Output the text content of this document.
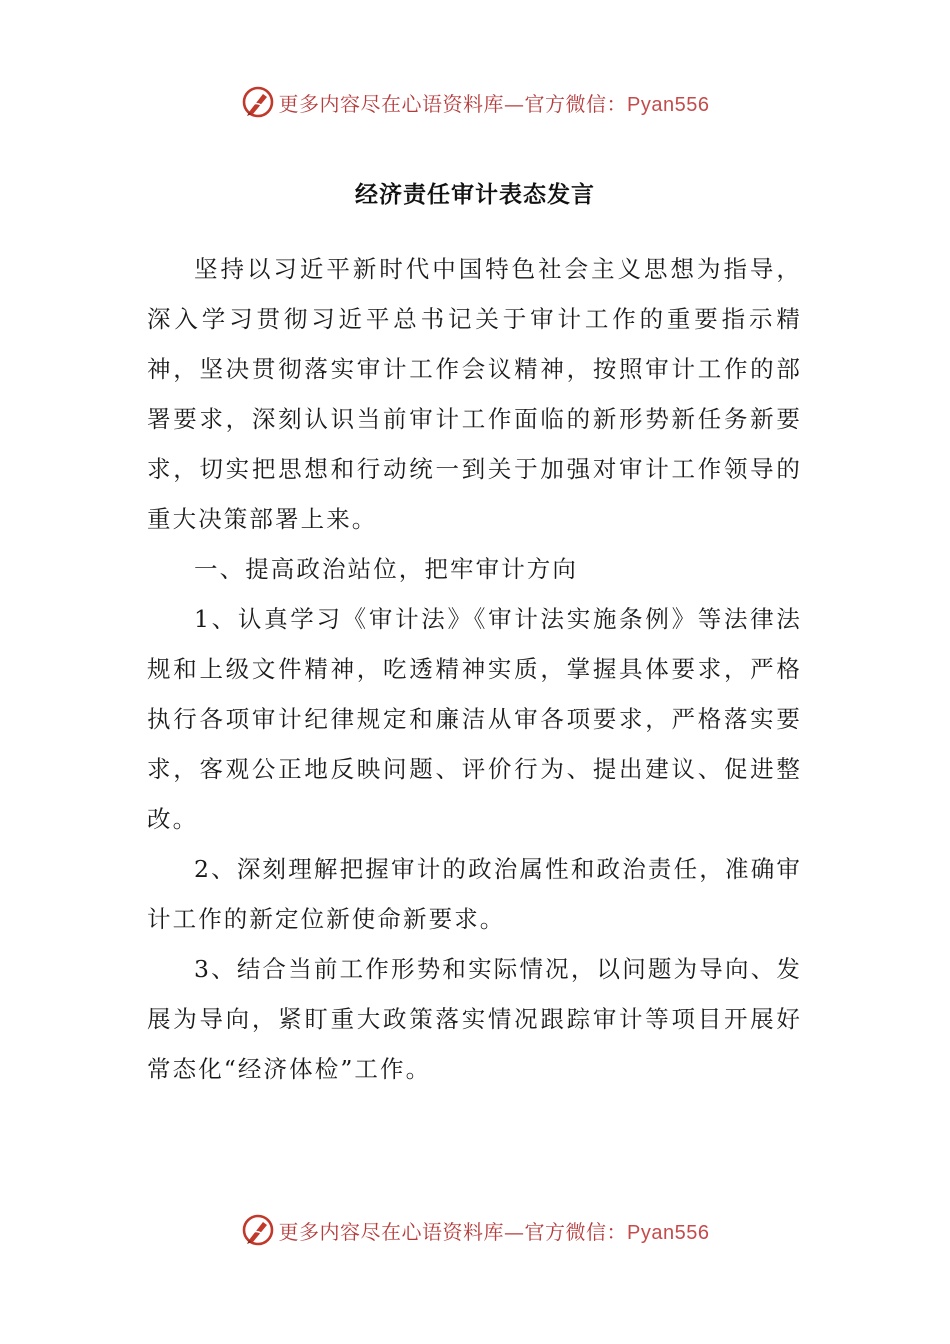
更多内容尽在心语资料库—官方微信：Pyan556
经济责任审计表态发言

坚持以习近平新时代中国特色社会主义思想为指导，深入学习贯彻习近平总书记关于审计工作的重要指示精神，坚决贯彻落实审计工作会议精神，按照审计工作的部署要求，深刻认识当前审计工作面临的新形势新任务新要求，切实把思想和行动统一到关于加强对审计工作领导的重大决策部署上来。

一、提高政治站位，把牢审计方向

1、认真学习《审计法》《审计法实施条例》等法律法规和上级文件精神，吃透精神实质，掌握具体要求，严格执行各项审计纪律规定和廉洁从审各项要求，严格落实要求，客观公正地反映问题、评价行为、提出建议、促进整改。

2、深刻理解把握审计的政治属性和政治责任，准确审计工作的新定位新使命新要求。

3、结合当前工作形势和实际情况，以问题为导向、发展为导向，紧盯重大政策落实情况跟踪审计等项目开展好常态化“经济体检”工作。

更多内容尽在心语资料库—官方微信：Pyan556
